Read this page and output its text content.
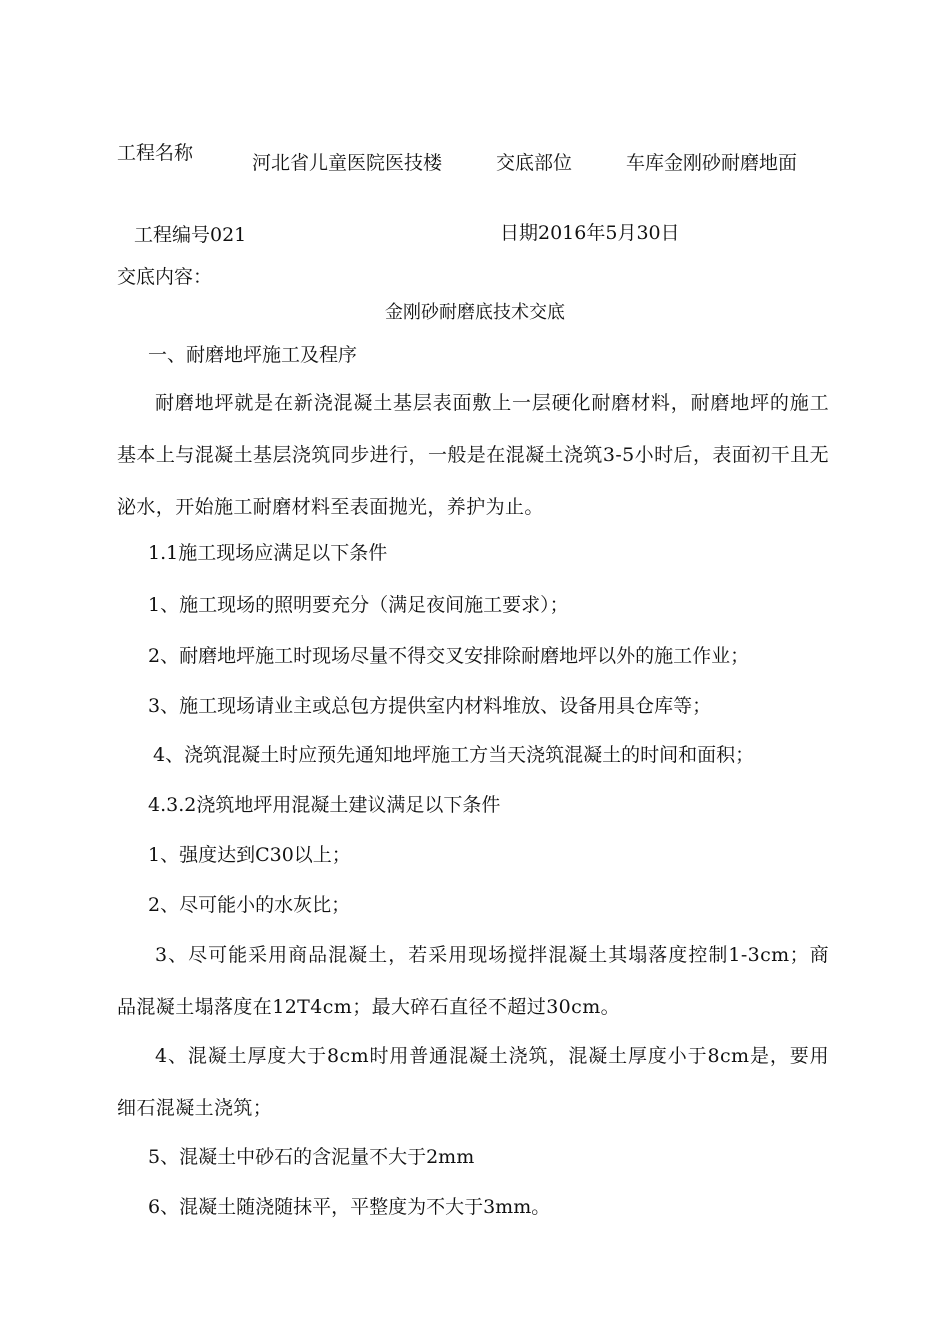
工程名称	河北省儿童医院医技楼	交底部位	车库金刚砂耐磨地面
工程编号021	日期2016年5月30日
交底内容：
金刚砂耐磨底技术交底
一、耐磨地坪施工及程序
耐磨地坪就是在新浇混凝土基层表面敷上一层硬化耐磨材料，耐磨地坪的施工基本上与混凝土基层浇筑同步进行，一般是在混凝土浇筑3-5小时后，表面初干且无泌水，开始施工耐磨材料至表面抛光，养护为止。
1.1施工现场应满足以下条件
1、施工现场的照明要充分（满足夜间施工要求）；
2、耐磨地坪施工时现场尽量不得交叉安排除耐磨地坪以外的施工作业；
3、施工现场请业主或总包方提供室内材料堆放、设备用具仓库等；
4、浇筑混凝土时应预先通知地坪施工方当天浇筑混凝土的时间和面积；
4.3.2浇筑地坪用混凝土建议满足以下条件
1、强度达到C30以上；
2、尽可能小的水灰比；
3、尽可能采用商品混凝土，若采用现场搅拌混凝土其塌落度控制1-3cm；商品混凝土塌落度在12T4cm；最大碎石直径不超过30cm。
4、混凝土厚度大于8cm时用普通混凝土浇筑，混凝土厚度小于8cm是，要用细石混凝土浇筑；
5、混凝土中砂石的含泥量不大于2mm
6、混凝土随浇随抹平，平整度为不大于3mm。
